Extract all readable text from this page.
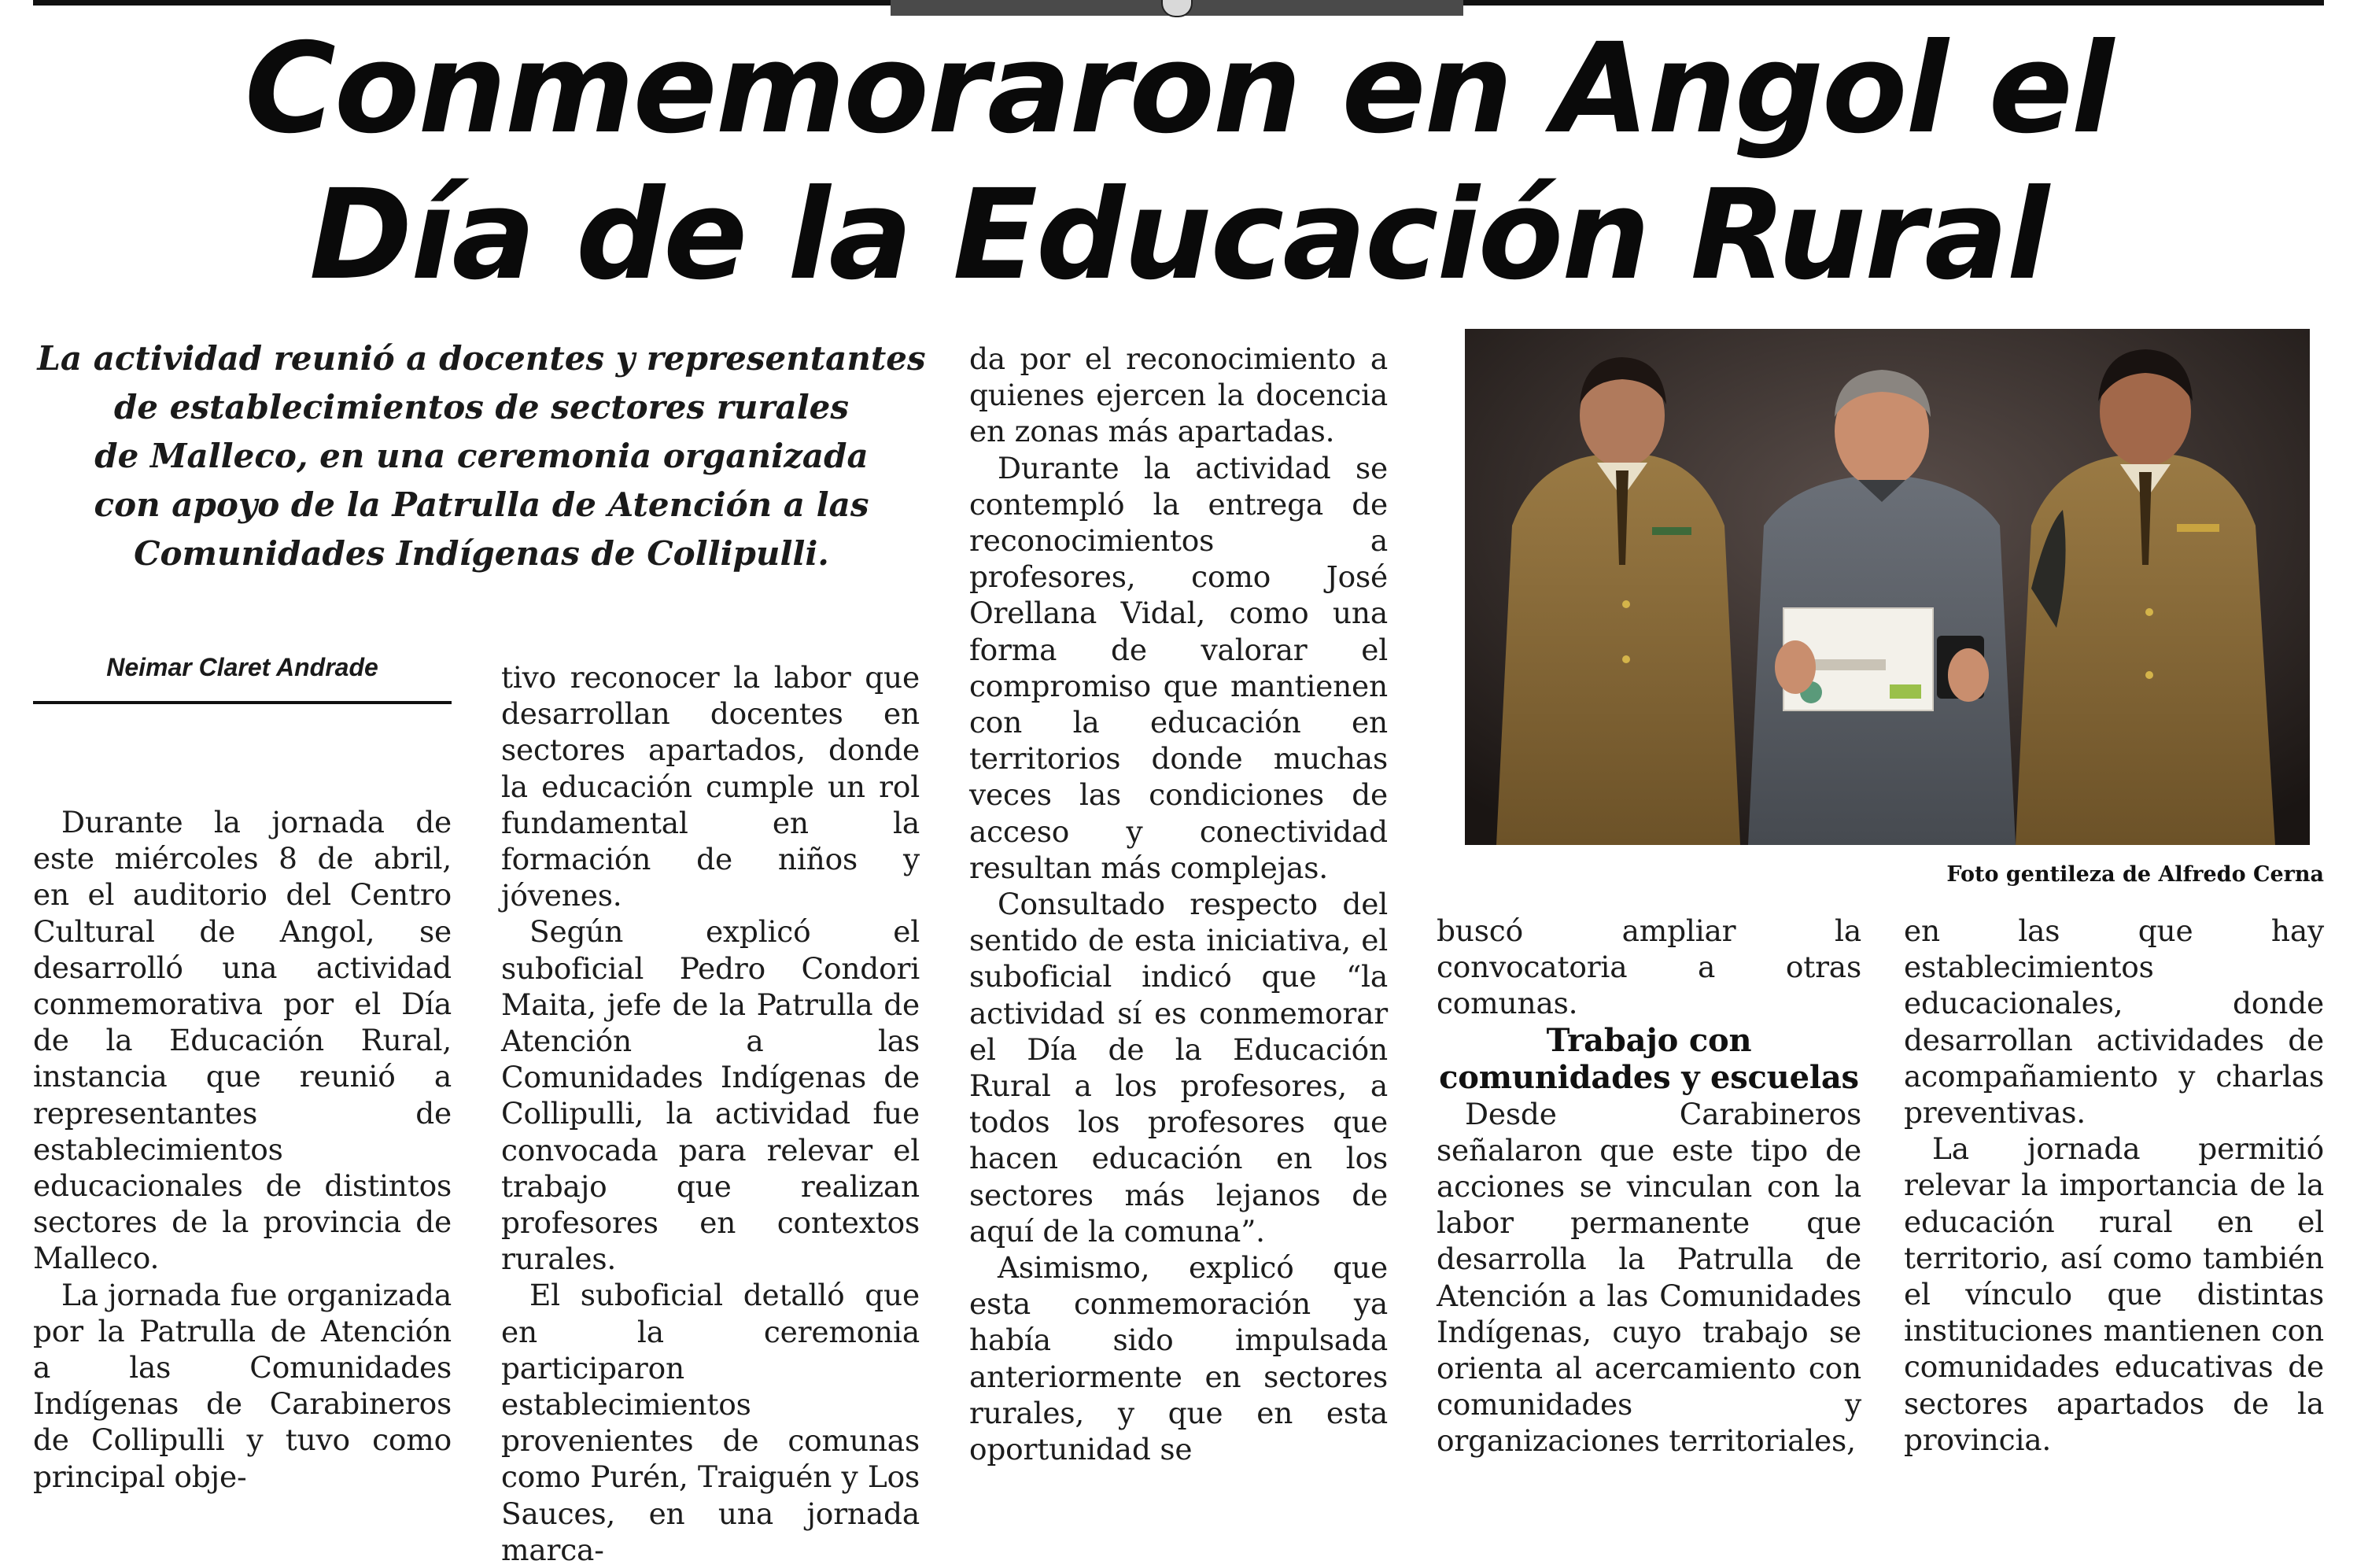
Conmemoraron en Angol el
Día de la Educación Rural
La actividad reunió a docentes y representantes
de establecimientos de sectores rurales
de Malleco, en una ceremonia organizada
con apoyo de la Patrulla de Atención a las
Comunidades Indígenas de Collipulli.
Neimar Claret Andrade

Durante la jornada de este miércoles 8 de abril, en el auditorio del Centro Cultural de Angol, se desarrolló una actividad conmemorativa por el Día de la Educación Rural, instancia que reunió a representantes de establecimientos educacionales de distintos sectores de la provincia de Malleco.

La jornada fue organizada por la Patrulla de Atención a las Comunidades Indígenas de Carabineros de Collipulli y tuvo como principal obje-

tivo reconocer la labor que desarrollan docentes en sectores apartados, donde la educación cumple un rol fundamental en la formación de niños y jóvenes.

Según explicó el suboficial Pedro Condori Maita, jefe de la Patrulla de Atención a las Comunidades Indígenas de Collipulli, la actividad fue convocada para relevar el trabajo que realizan profesores en contextos rurales.

El suboficial detalló que en la ceremonia participaron establecimientos provenientes de comunas como Purén, Traiguén y Los Sauces, en una jornada marca-

da por el reconocimiento a quienes ejercen la docencia en zonas más apartadas.

Durante la actividad se contempló la entrega de reconocimientos a profesores, como José Orellana Vidal, como una forma de valorar el compromiso que mantienen con la educación en territorios donde muchas veces las condiciones de acceso y conectividad resultan más complejas.

Consultado respecto del sentido de esta iniciativa, el suboficial indicó que “la actividad sí es conmemorar el Día de la Educación Rural a los profesores, a todos los profesores que hacen educación en los sectores más lejanos de aquí de la comuna”.

Asimismo, explicó que esta conmemoración ya había sido impulsada anteriormente en sectores rurales, y que en esta oportunidad se

Foto gentileza de Alfredo Cerna

buscó ampliar la convocatoria a otras comunas.

Trabajo con comunidades y escuelas

Desde Carabineros señalaron que este tipo de acciones se vinculan con la labor permanente que desarrolla la Patrulla de Atención a las Comunidades Indígenas, cuyo trabajo se orienta al acercamiento con comunidades y organizaciones territoriales,

en las que hay establecimientos educacionales, donde desarrollan actividades de acompañamiento y charlas preventivas.

La jornada permitió relevar la importancia de la educación rural en el territorio, así como también el vínculo que distintas instituciones mantienen con comunidades educativas de sectores apartados de la provincia.
